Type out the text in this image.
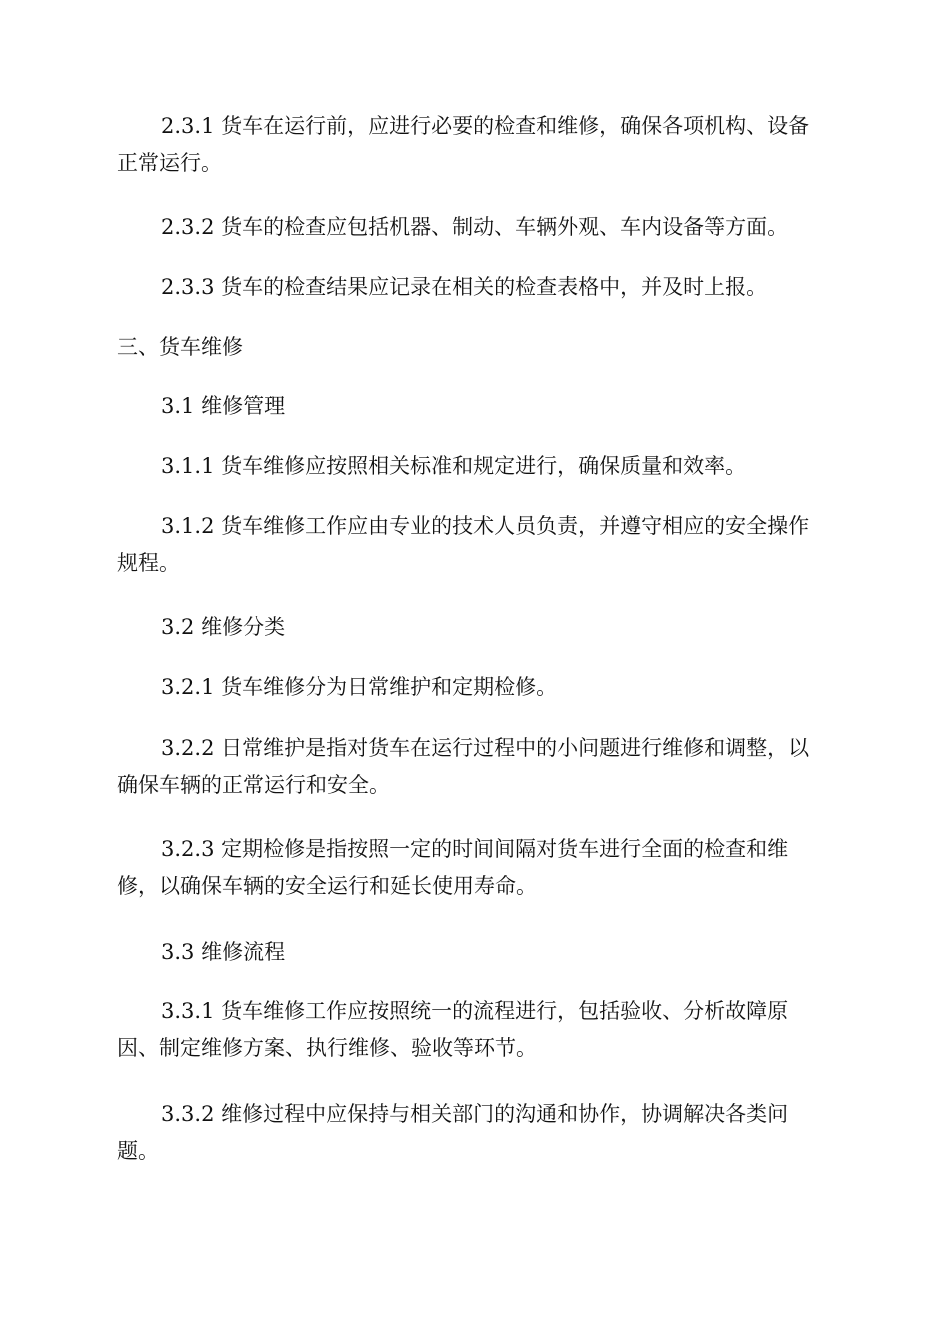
2.3.1 货车在运行前，应进行必要的检查和维修，确保各项机构、设备正常运行。

2.3.2 货车的检查应包括机器、制动、车辆外观、车内设备等方面。

2.3.3 货车的检查结果应记录在相关的检查表格中，并及时上报。

三、货车维修

3.1 维修管理

3.1.1 货车维修应按照相关标准和规定进行，确保质量和效率。

3.1.2 货车维修工作应由专业的技术人员负责，并遵守相应的安全操作规程。

3.2 维修分类

3.2.1 货车维修分为日常维护和定期检修。

3.2.2 日常维护是指对货车在运行过程中的小问题进行维修和调整，以确保车辆的正常运行和安全。

3.2.3 定期检修是指按照一定的时间间隔对货车进行全面的检查和维修，以确保车辆的安全运行和延长使用寿命。

3.3 维修流程

3.3.1 货车维修工作应按照统一的流程进行，包括验收、分析故障原因、制定维修方案、执行维修、验收等环节。

3.3.2 维修过程中应保持与相关部门的沟通和协作，协调解决各类问题。
